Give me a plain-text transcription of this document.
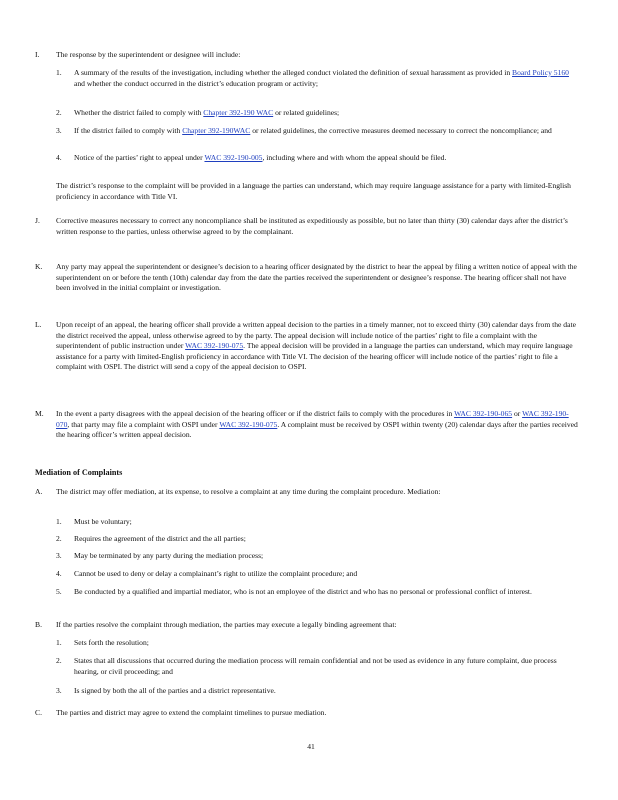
I. The response by the superintendent or designee will include:
1. A summary of the results of the investigation, including whether the alleged conduct violated the definition of sexual harassment as provided in Board Policy 5160 and whether the conduct occurred in the district’s education program or activity;

2. Whether the district failed to comply with Chapter 392-190 WAC or related guidelines;

3. If the district failed to comply with Chapter 392-190WAC or related guidelines, the corrective measures deemed necessary to correct the noncompliance; and

4. Notice of the parties’ right to appeal under WAC 392-190-005, including where and with whom the appeal should be filed.

The district’s response to the complaint will be provided in a language the parties can understand, which may require language assistance for a party with limited-English proficiency in accordance with Title VI.

J. Corrective measures necessary to correct any noncompliance shall be instituted as expeditiously as possible, but no later than thirty (30) calendar days after the district’s written response to the parties, unless otherwise agreed to by the complainant.

K. Any party may appeal the superintendent or designee’s decision to a hearing officer designated by the district to hear the appeal by filing a written notice of appeal with the superintendent on or before the tenth (10th) calendar day from the date the parties received the superintendent or designee’s response. The hearing officer shall not have been involved in the initial complaint or investigation.

L. Upon receipt of an appeal, the hearing officer shall provide a written appeal decision to the parties in a timely manner, not to exceed thirty (30) calendar days from the date the district received the appeal, unless otherwise agreed to by the party. The appeal decision will include notice of the parties’ right to file a complaint with the superintendent of public instruction under WAC 392-190-075. The appeal decision will be provided in a language the parties can understand, which may require language assistance for a party with limited-English proficiency in accordance with Title VI. The decision of the hearing officer will include notice of the parties’ right to file a complaint with OSPI. The district will send a copy of the appeal decision to OSPI.

M. In the event a party disagrees with the appeal decision of the hearing officer or if the district fails to comply with the procedures in WAC 392-190-065 or WAC 392-190-070, that party may file a complaint with OSPI under WAC 392-190-075. A complaint must be received by OSPI within twenty (20) calendar days after the parties received the hearing officer’s written appeal decision.

Mediation of Complaints
A. The district may offer mediation, at its expense, to resolve a complaint at any time during the complaint procedure. Mediation:

1. Must be voluntary;

2. Requires the agreement of the district and the all parties;

3. May be terminated by any party during the mediation process;

4. Cannot be used to deny or delay a complainant’s right to utilize the complaint procedure; and

5. Be conducted by a qualified and impartial mediator, who is not an employee of the district and who has no personal or professional conflict of interest.

B. If the parties resolve the complaint through mediation, the parties may execute a legally binding agreement that:

1. Sets forth the resolution;

2. States that all discussions that occurred during the mediation process will remain confidential and not be used as evidence in any future complaint, due process hearing, or civil proceeding; and

3. Is signed by both the all of the parties and a district representative.

C. The parties and district may agree to extend the complaint timelines to pursue mediation.

41
